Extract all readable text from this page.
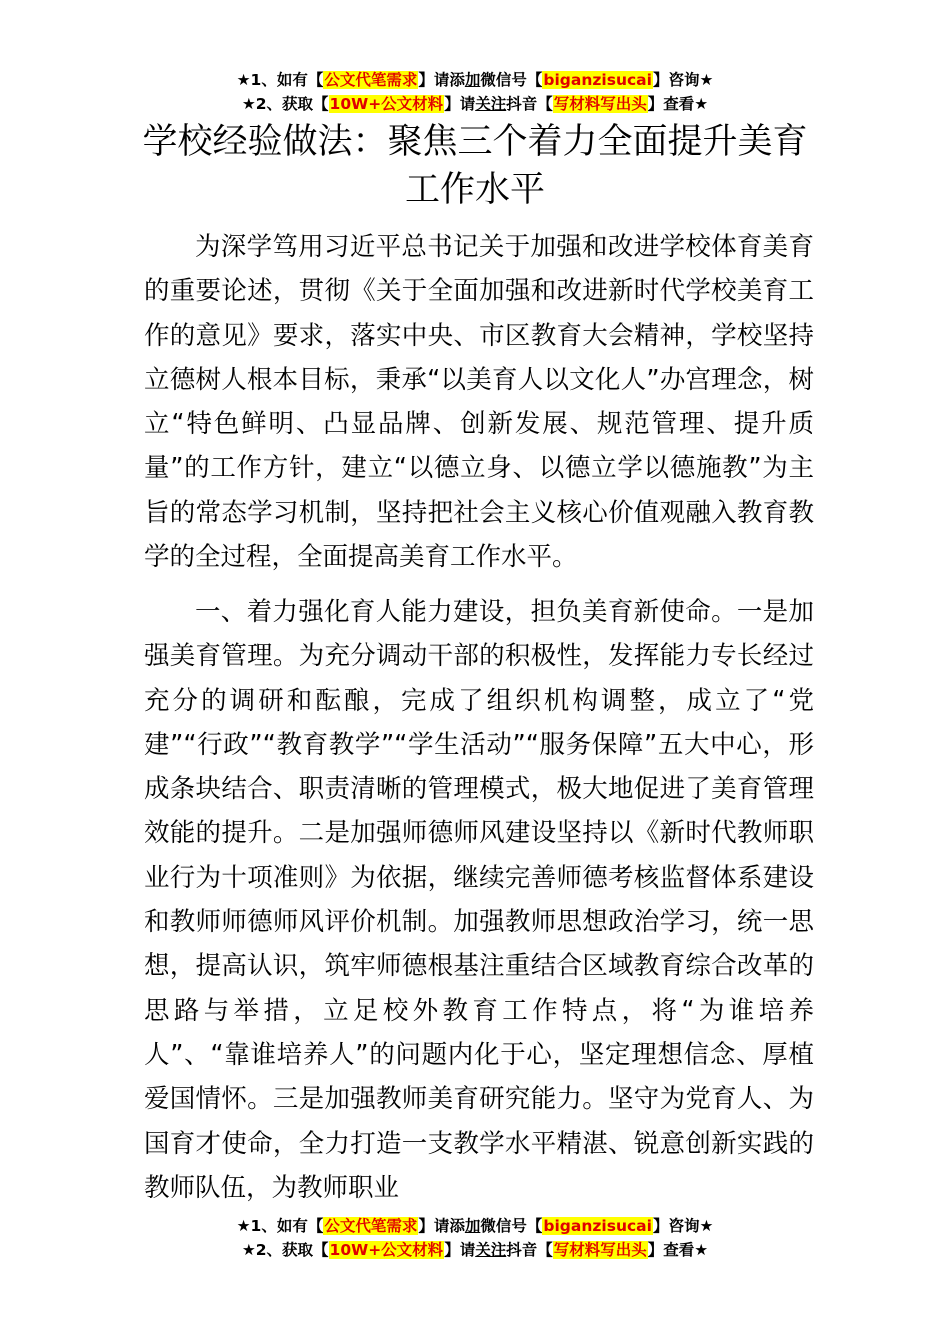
★1、如有【公文代笔需求】请添加微信号【biganzisucai】咨询★
★2、获取【10W+公文材料】请关注抖音【写材料写出头】查看★
学校经验做法：聚焦三个着力全面提升美育工作水平

为深学笃用习近平总书记关于加强和改进学校体育美育的重要论述，贯彻《关于全面加强和改进新时代学校美育工作的意见》要求，落实中央、市区教育大会精神，学校坚持立德树人根本目标，秉承“以美育人以文化人”办宫理念，树立“特色鲜明、凸显品牌、创新发展、规范管理、提升质量”的工作方针，建立“以德立身、以德立学以德施教”为主旨的常态学习机制，坚持把社会主义核心价值观融入教育教学的全过程，全面提高美育工作水平。

一、着力强化育人能力建设，担负美育新使命。一是加强美育管理。为充分调动干部的积极性，发挥能力专长经过充分的调研和酝酿，完成了组织机构调整，成立了“党建”“行政”“教育教学”“学生活动”“服务保障”五大中心，形成条块结合、职责清晰的管理模式，极大地促进了美育管理效能的提升。二是加强师德师风建设坚持以《新时代教师职业行为十项准则》为依据，继续完善师德考核监督体系建设和教师师德师风评价机制。加强教师思想政治学习，统一思想，提高认识，筑牢师德根基注重结合区域教育综合改革的思路与举措，立足校外教育工作特点，将“为谁培养人”、“靠谁培养人”的问题内化于心，坚定理想信念、厚植爱国情怀。三是加强教师美育研究能力。坚守为党育人、为国育才使命，全力打造一支教学水平精湛、锐意创新实践的教师队伍，为教师职业

★1、如有【公文代笔需求】请添加微信号【biganzisucai】咨询★
★2、获取【10W+公文材料】请关注抖音【写材料写出头】查看★
